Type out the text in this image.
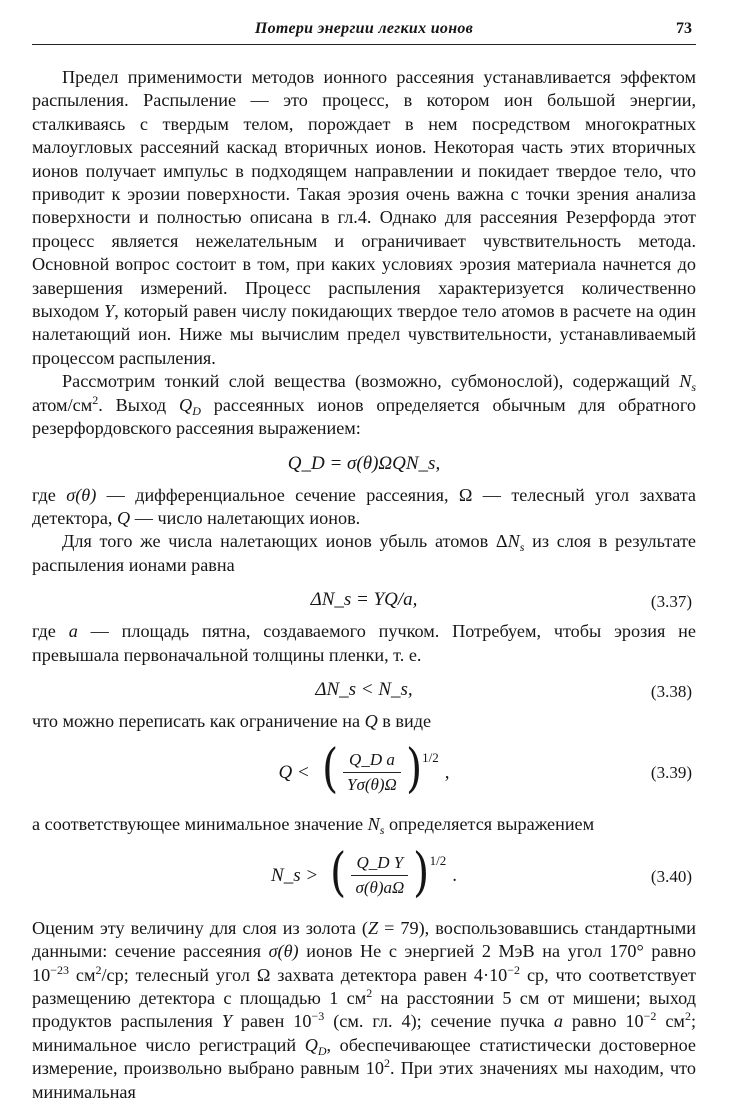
Потери энергии легких ионов	73

Предел применимости методов ионного рассеяния устанавливается эффектом распыления. Распыление — это процесс, в котором ион большой энергии, сталкиваясь с твердым телом, порождает в нем посредством многократных малоугловых рассеяний каскад вторичных ионов. Некоторая часть этих вторичных ионов получает импульс в подходящем направлении и покидает твердое тело, что приводит к эрозии поверхности. Такая эрозия очень важна с точки зрения анализа поверхности и полностью описана в гл.4. Однако для рассеяния Резерфорда этот процесс является нежелательным и ограничивает чувствительность метода. Основной вопрос состоит в том, при каких условиях эрозия материала начнется до завершения измерений. Процесс распыления характеризуется количественно выходом Y, который равен числу покидающих твердое тело атомов в расчете на один налетающий ион. Ниже мы вычислим предел чувствительности, устанавливаемый процессом распыления.

Рассмотрим тонкий слой вещества (возможно, субмонослой), содержащий $N_s$ атом/$см^2$. Выход $Q_D$ рассеянных ионов определяется обычным для обратного резерфордовского рассеяния выражением:

Q_D = σ(θ)ΩQN_s,

где σ(θ) — дифференциальное сечение рассеяния, Ω — телесный угол захвата детектора, Q — число налетающих ионов.

Для того же числа налетающих ионов убыль атомов $\Delta N_s$ из слоя в результате распыления ионами равна

ΔN_s = YQ/a,	(3.37)

где a — площадь пятна, создаваемого пучком. Потребуем, чтобы эрозия не превышала первоначальной толщины пленки, т. е.

ΔN_s < N_s,	(3.38)

что можно переписать как ограничение на Q в виде

Q < ( $\frac{\text{Q\_D a}}{Y\sigma(\theta)\Omega}$ ) 1/2
,	(3.39)

а соответствующее минимальное значение $N_s$ определяется выражением

N_s > ( $\frac{\text{Q\_D Y}}{\sigma(\theta)a\Omega}$ ) 1/2
.	(3.40)

Оценим эту величину для слоя из золота (Z = 79), воспользовавшись стандартными данными: сечение рассеяния σ(θ) ионов Не с энергией 2 МэВ на угол 170° равно $10^{-23}$ $см^2/ср$; телесный угол Ω захвата детектора равен $4\cdot 10^{-2}$ ср, что соответствует размещению детектора с площадью 1 $см^2$ на расстоянии 5 см от мишени; выход продуктов распыления Y равен $10^{-3}$ (см. гл. 4); сечение пучка a равно $10^{-2}$ $см^2$; минимальное число регистраций $Q_D$, обеспечивающее статистически достоверное измерение, произвольно выбрано равным $10^2$. При этих значениях мы находим, что минимальная
